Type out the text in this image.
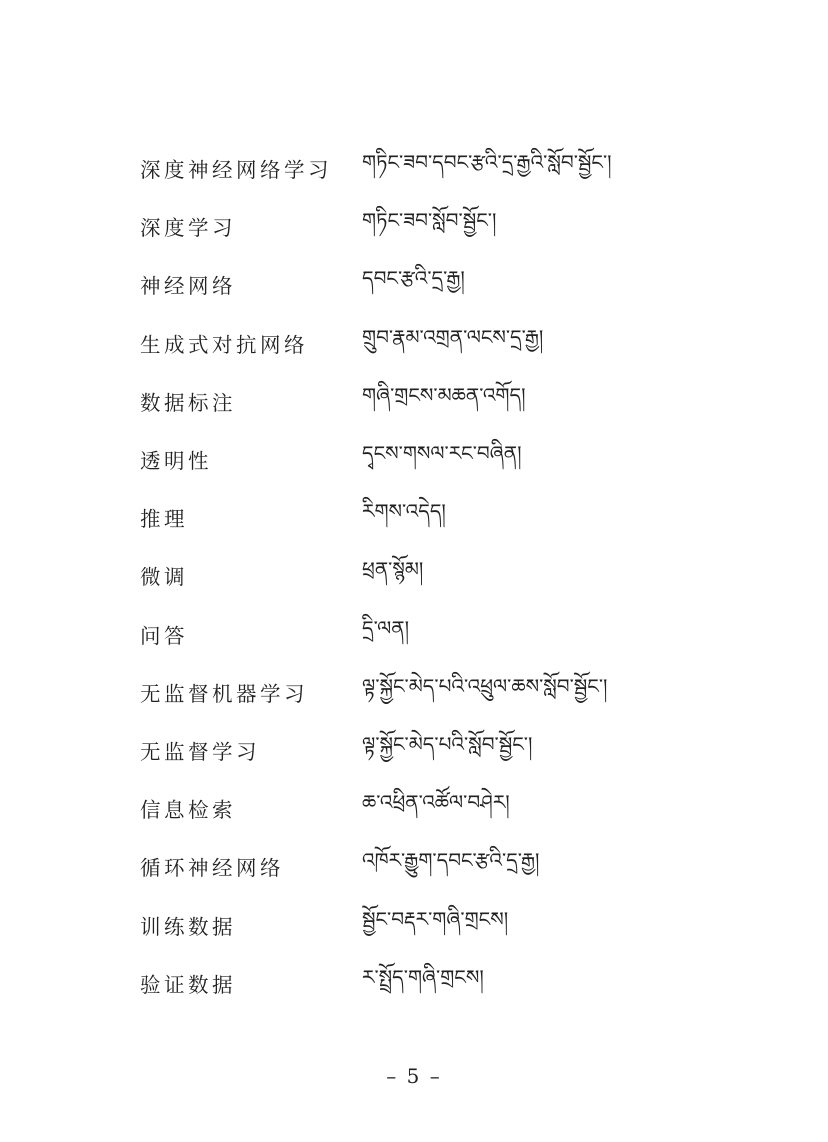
深度神经网络学习	གཏིང་ཟབ་དབང་རྩའི་དྲ་རྒྱའི་སློབ་སྦྱོང་།
深度学习	གཏིང་ཟབ་སློབ་སྦྱོང་།
神经网络	དབང་རྩའི་དྲ་རྒྱ།
生成式对抗网络	གྲུབ་རྣམ་འགྲན་ལངས་དྲ་རྒྱ།
数据标注	གཞི་གྲངས་མཆན་འགོད།
透明性	དྭངས་གསལ་རང་བཞིན།
推理	རིགས་འདེད།
微调	ཕྲན་སྙོམ།
问答	དྲི་ལན།
无监督机器学习	ལྟ་སྐྱོང་མེད་པའི་འཕྲུལ་ཆས་སློབ་སྦྱོང་།
无监督学习	ལྟ་སྐྱོང་མེད་པའི་སློབ་སྦྱོང་།
信息检索	ཆ་འཕྲིན་འཚོལ་བཤེར།
循环神经网络	འཁོར་རྒྱུག་དབང་རྩའི་དྲ་རྒྱ།
训练数据	སྦྱོང་བརྡར་གཞི་གྲངས།
验证数据	ར་སྤྲོད་གཞི་གྲངས།
– 5 –
